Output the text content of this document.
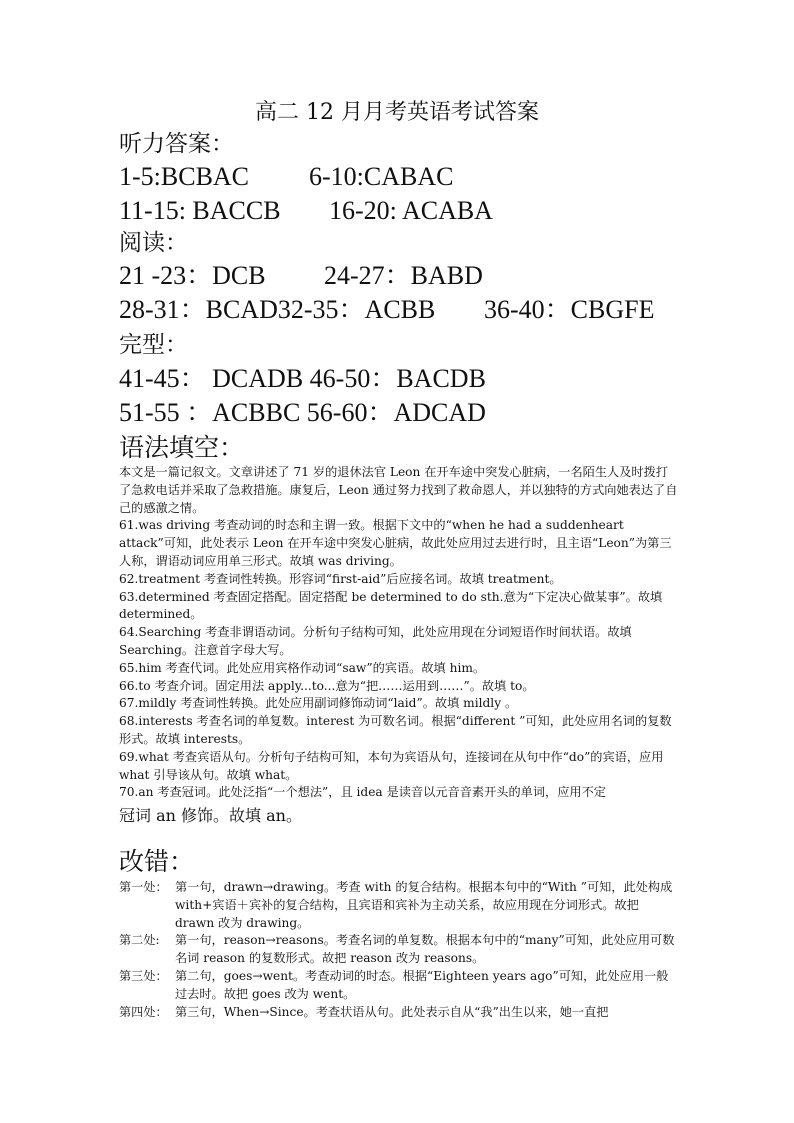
高二 12 月月考英语考试答案
听力答案：
1-5:BCBAC 6-10:CABAC
11-15: BACCB 16-20: ACABA
阅读：
21 -23：DCB 24-27：BABD
28-31：BCAD32-35：ACBB 36-40：CBGFE
完型：
41-45： DCADB 46-50：BACDB
51-55 ：ACBBC 56-60：ADCAD
语法填空：

本文是一篇记叙文。文章讲述了 71 岁的退休法官 Leon 在开车途中突发心脏病，一名陌生人及时拨打了急救电话并采取了急救措施。康复后，Leon 通过努力找到了救命恩人，并以独特的方式向她表达了自己的感激之情。

61.was driving 考查动词的时态和主谓一致。根据下文中的“when he had a suddenheart attack”可知，此处表示 Leon 在开车途中突发心脏病，故此处应用过去进行时，且主语“Leon”为第三人称，谓语动词应用单三形式。故填 was driving。

62.treatment 考查词性转换。形容词“first-aid”后应接名词。故填 treatment。

63.determined 考查固定搭配。固定搭配 be determined to do sth.意为“下定决心做某事”。故填 determined。

64.Searching 考查非谓语动词。分析句子结构可知，此处应用现在分词短语作时间状语。故填 Searching。注意首字母大写。

65.him 考查代词。此处应用宾格作动词“saw”的宾语。故填 him。

66.to 考查介词。固定用法 apply...to...意为“把……运用到……”。故填 to。

67.mildly 考查词性转换。此处应用副词修饰动词“laid”。故填 mildly 。

68.interests 考查名词的单复数。interest 为可数名词。根据“different ”可知，此处应用名词的复数形式。故填 interests。

69.what 考查宾语从句。分析句子结构可知，本句为宾语从句，连接词在从句中作“do”的宾语，应用 what 引导该从句。故填 what。

70.an 考查冠词。此处泛指“一个想法”，且 idea 是读音以元音音素开头的单词，应用不定

冠词 an 修饰。故填 an。

改错：
第一处： 第一句，drawn→drawing。考查 with 的复合结构。根据本句中的“With ”可知，此处构成 with+宾语＋宾补的复合结构，且宾语和宾补为主动关系，故应用现在分词形式。故把 drawn 改为 drawing。
第二处:	第一句，reason→reasons。考查名词的单复数。根据本句中的“many”可知，此处应用可数名词 reason 的复数形式。故把 reason 改为 reasons。
第三处： 第二句，goes→went。考查动词的时态。根据“Eighteen years ago”可知，此处应用一般过去时。故把 goes 改为 went。
第四处： 第三句，When→Since。考查状语从句。此处表示自从“我”出生以来，她一直把
